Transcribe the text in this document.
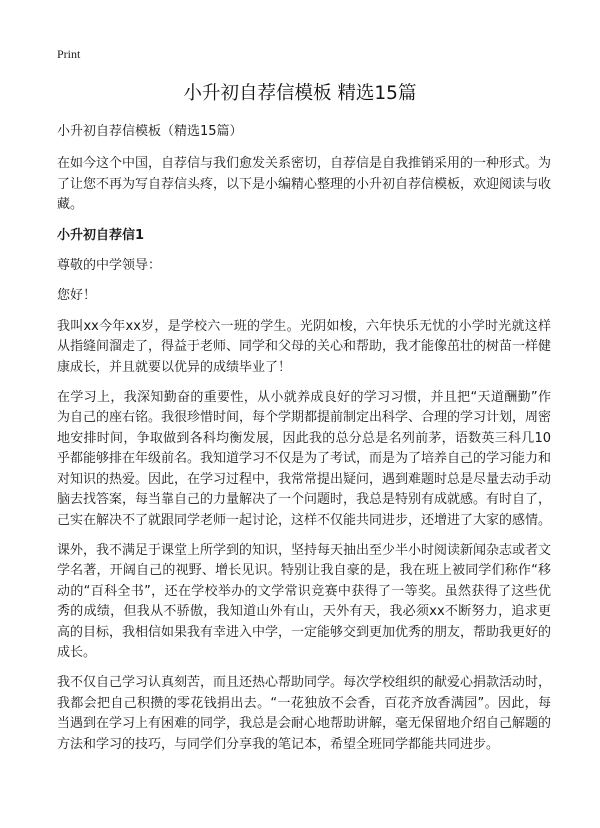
Print
小升初自荐信模板 精选15篇

小升初自荐信模板（精选15篇）

在如今这个中国，自荐信与我们愈发关系密切，自荐信是自我推销采用的一种形式。为了让您不再为写自荐信头疼，以下是小编精心整理的小升初自荐信模板，欢迎阅读与收藏。

小升初自荐信1

尊敬的中学领导：

您好！

我叫xx今年xx岁，是学校六一班的学生。光阴如梭，六年快乐无忧的小学时光就这样从指缝间溜走了，得益于老师、同学和父母的关心和帮助，我才能像茁壮的树苗一样健康成长，并且就要以优异的成绩毕业了！

在学习上，我深知勤奋的重要性，从小就养成良好的学习习惯，并且把“天道酬勤”作为自己的座右铭。我很珍惜时间，每个学期都提前制定出科学、合理的学习计划，周密地安排时间，争取做到各科均衡发展，因此我的总分总是名列前茅，语数英三科几10乎都能够排在年级前名。我知道学习不仅是为了考试，而是为了培养自己的学习能力和对知识的热爱。因此，在学习过程中，我常常提出疑问，遇到难题时总是尽量去动手动脑去找答案，每当靠自己的力量解决了一个问题时，我总是特别有成就感。有时自了，己实在解决不了就跟同学老师一起讨论，这样不仅能共同进步，还增进了大家的感情。

课外，我不满足于课堂上所学到的知识，坚持每天抽出至少半小时阅读新闻杂志或者文学名著，开阔自己的视野、增长见识。特别让我自豪的是，我在班上被同学们称作“移动的“百科全书”，还在学校举办的文学常识竞赛中获得了一等奖。虽然获得了这些优秀的成绩，但我从不骄傲，我知道山外有山，天外有天，我必须xx不断努力，追求更高的目标，我相信如果我有幸进入中学，一定能够交到更加优秀的朋友，帮助我更好的成长。

我不仅自己学习认真刻苦，而且还热心帮助同学。每次学校组织的献爱心捐款活动时，我都会把自己积攒的零花钱捐出去。“一花独放不会香，百花齐放香满园”。因此，每当遇到在学习上有困难的同学，我总是会耐心地帮助讲解，毫无保留地介绍自己解题的方法和学习的技巧，与同学们分享我的笔记本，希望全班同学都能共同进步。
